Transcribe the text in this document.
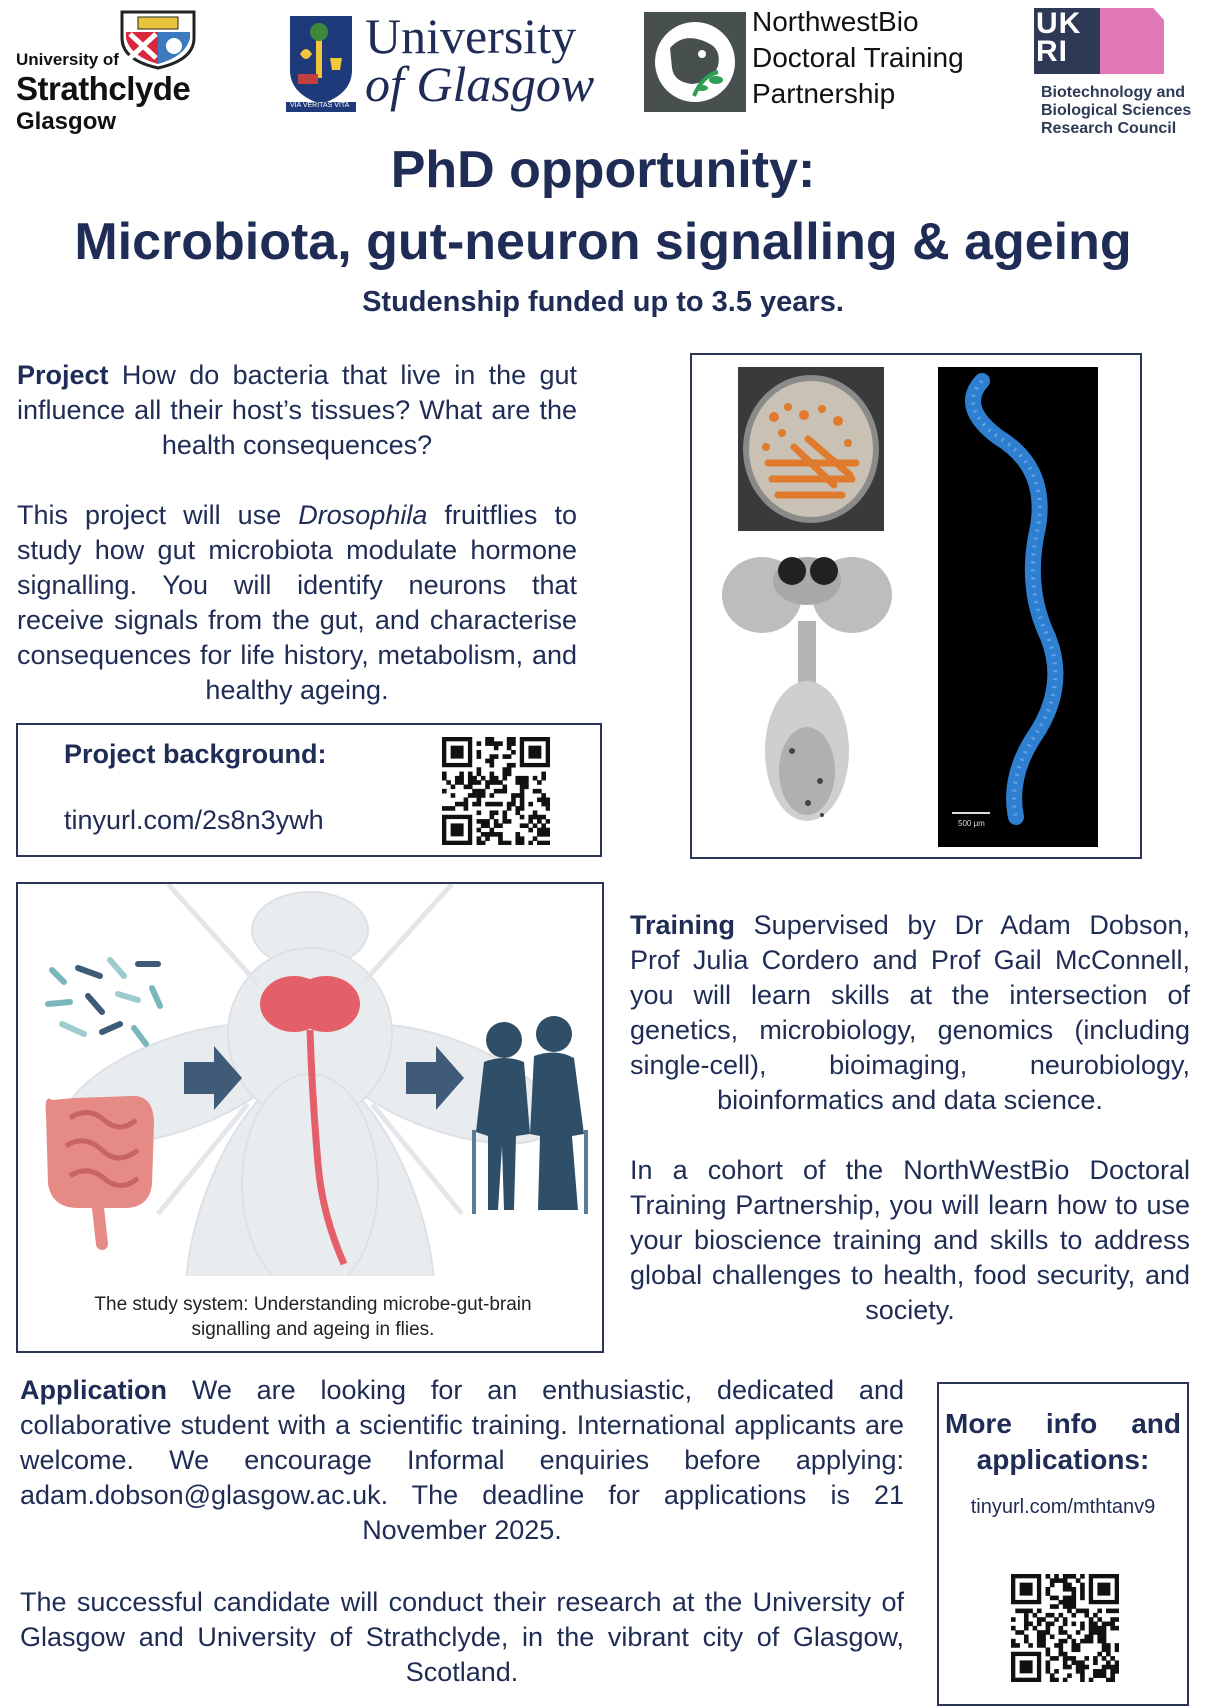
University of
Strathclyde
Glasgow
VIA VERITAS VITA
University
of Glasgow
NorthwestBio
Doctoral Training
Partnership
UKRI
Biotechnology and
Biological Sciences
Research Council
PhD opportunity:
Microbiota, gut-neuron signalling & ageing
Studenship funded up to 3.5 years.
Project How do bacteria that live in the gut influence all their host’s tissues? What are the health consequences?
This project will use Drosophila fruitflies to study how gut microbiota modulate hormone signalling. You will identify neurons that receive signals from the gut, and characterise consequences for life history, metabolism, and healthy ageing.
Project background:
tinyurl.com/2s8n3ywh	500 μm
The study system: Understanding microbe-gut-brain
signalling and ageing in flies.
Training Supervised by Dr Adam Dobson, Prof Julia Cordero and Prof Gail McConnell, you will learn skills at the intersection of genetics, microbiology, genomics (including single-cell), bioimaging, neurobiology, bioinformatics and data science.
In a cohort of the NorthWestBio Doctoral Training Partnership, you will learn how to use your bioscience training and skills to address global challenges to health, food security, and society.
Application We are looking for an enthusiastic, dedicated and collaborative student with a scientific training. International applicants are welcome. We encourage Informal enquiries before applying: adam.dobson@glasgow.ac.uk. The deadline for applications is 21 November 2025.
The successful candidate will conduct their research at the University of Glasgow and University of Strathclyde, in the vibrant city of Glasgow, Scotland.
More info and applications:
tinyurl.com/mthtanv9
